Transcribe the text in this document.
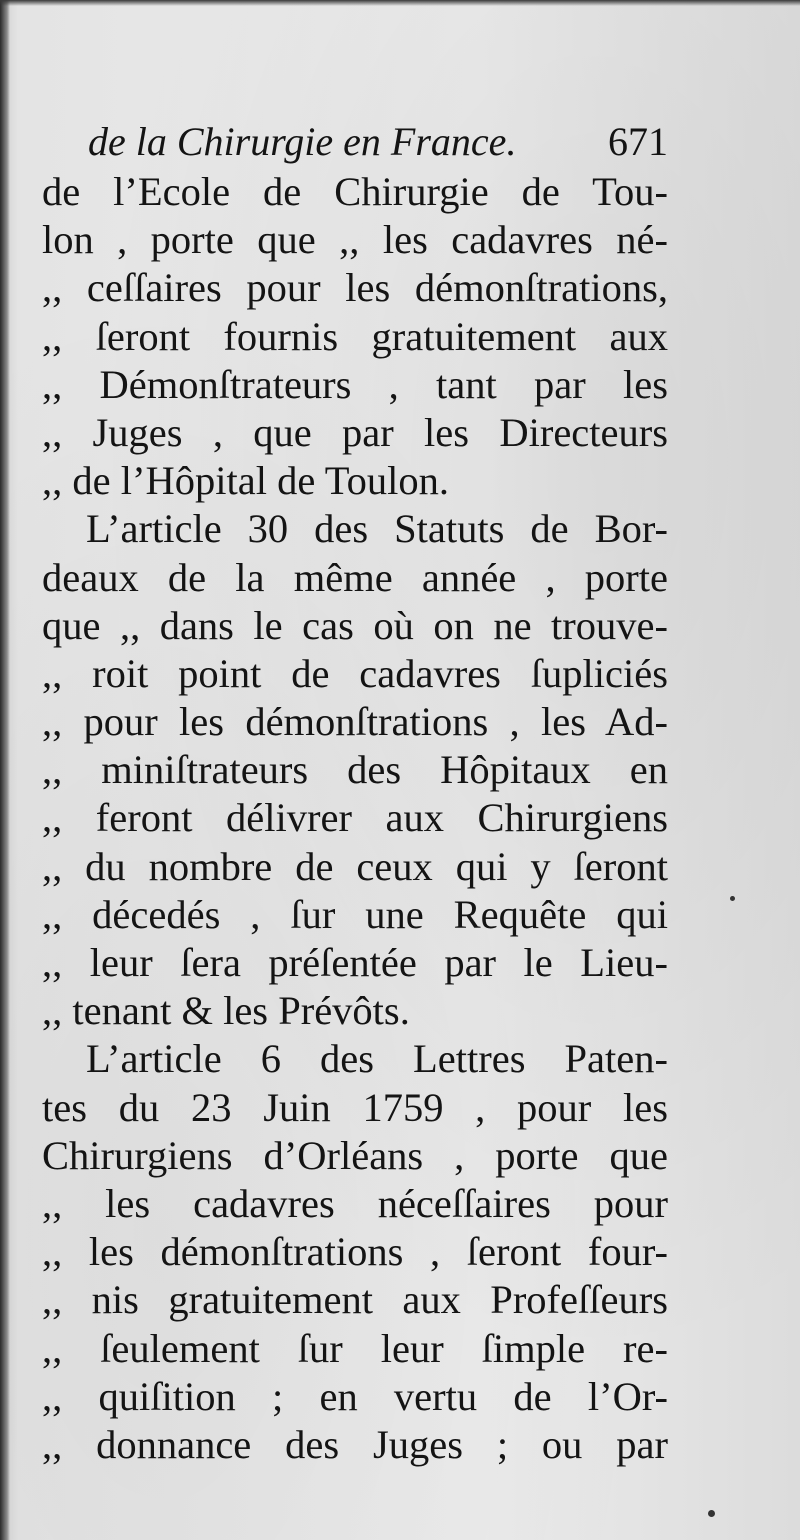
de la Chirurgie en France. 671
de l’Ecole de Chirurgie de Tou-
lon , porte que ,, les cadavres né-
,, ceſſaires pour les démonſtrations,
,, ſeront fournis gratuitement aux
,, Démonſtrateurs , tant par les
,, Juges , que par les Directeurs
,, de l’Hôpital de Toulon.
L’article 30 des Statuts de Bor-
deaux de la même année , porte
que ,, dans le cas où on ne trouve-
,, roit point de cadavres ſupliciés
,, pour les démonſtrations , les Ad-
,, miniſtrateurs des Hôpitaux en
,, feront délivrer aux Chirurgiens
,, du nombre de ceux qui y ſeront
,, décedés , ſur une Requête qui
,, leur ſera préſentée par le Lieu-
,, tenant & les Prévôts.
L’article 6 des Lettres Paten-
tes du 23 Juin 1759 , pour les
Chirurgiens d’Orléans , porte que
,, les cadavres néceſſaires pour
,, les démonſtrations , ſeront four-
,, nis gratuitement aux Profeſſeurs
,, ſeulement ſur leur ſimple re-
,, quiſition ; en vertu de l’Or-
,, donnance des Juges ; ou par
